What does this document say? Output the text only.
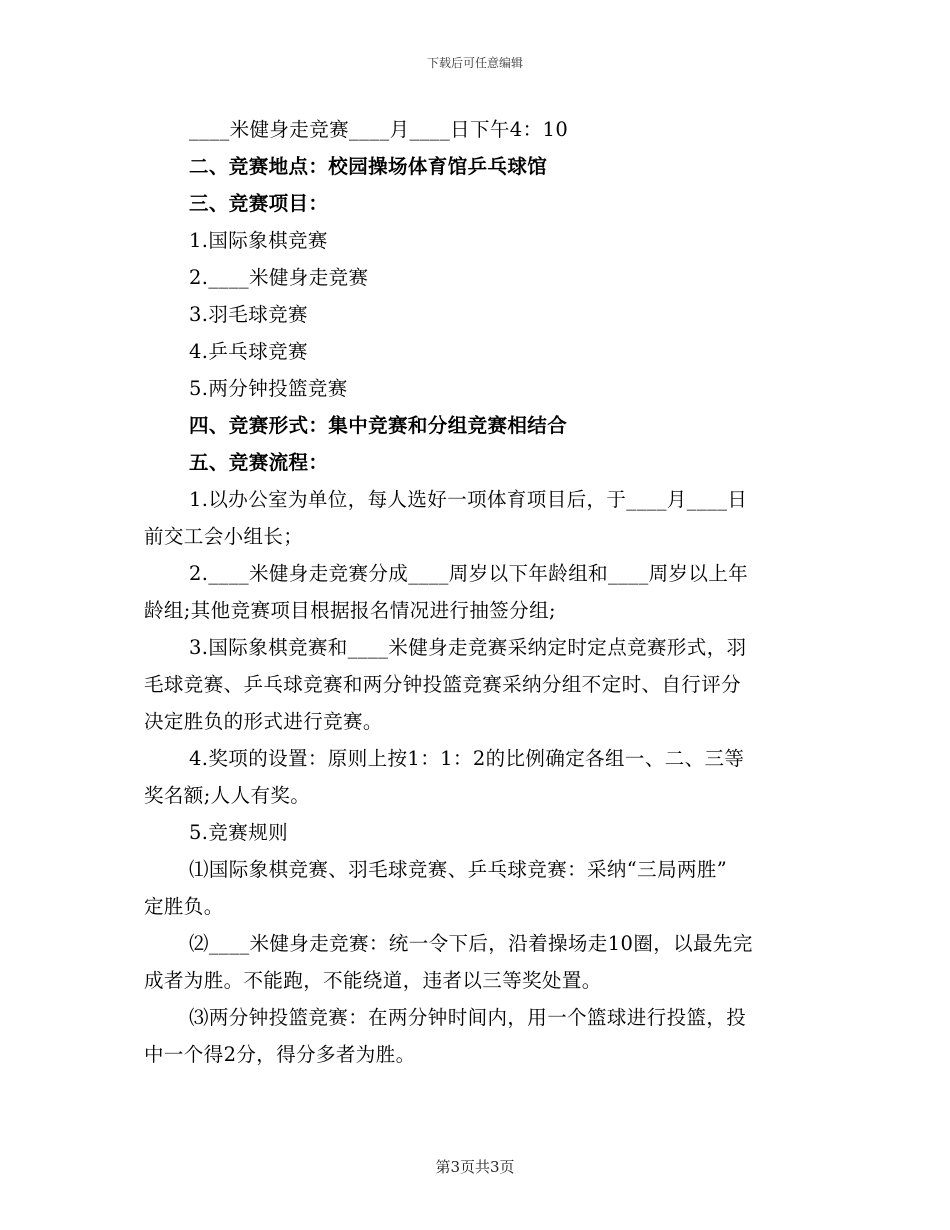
下载后可任意编辑

____米健身走竞赛____月____日下午4：10

二、竞赛地点：校园操场体育馆乒乓球馆

三、竞赛项目：

1.国际象棋竞赛

2.____米健身走竞赛

3.羽毛球竞赛

4.乒乓球竞赛

5.两分钟投篮竞赛

四、竞赛形式：集中竞赛和分组竞赛相结合

五、竞赛流程：

1.以办公室为单位，每人选好一项体育项目后，于____月____日
前交工会小组长；

2.____米健身走竞赛分成____周岁以下年龄组和____周岁以上年
龄组;其他竞赛项目根据报名情况进行抽签分组;

3.国际象棋竞赛和____米健身走竞赛采纳定时定点竞赛形式，羽
毛球竞赛、乒乓球竞赛和两分钟投篮竞赛采纳分组不定时、自行评分
决定胜负的形式进行竞赛。

4.奖项的设置：原则上按1：1：2的比例确定各组一、二、三等
奖名额;人人有奖。

5.竞赛规则

⑴国际象棋竞赛、羽毛球竞赛、乒乓球竞赛：采纳“三局两胜”
定胜负。

⑵____米健身走竞赛：统一令下后，沿着操场走10圈，以最先完
成者为胜。不能跑，不能绕道，违者以三等奖处置。

⑶两分钟投篮竞赛：在两分钟时间内，用一个篮球进行投篮，投
中一个得2分，得分多者为胜。

第3页共3页
